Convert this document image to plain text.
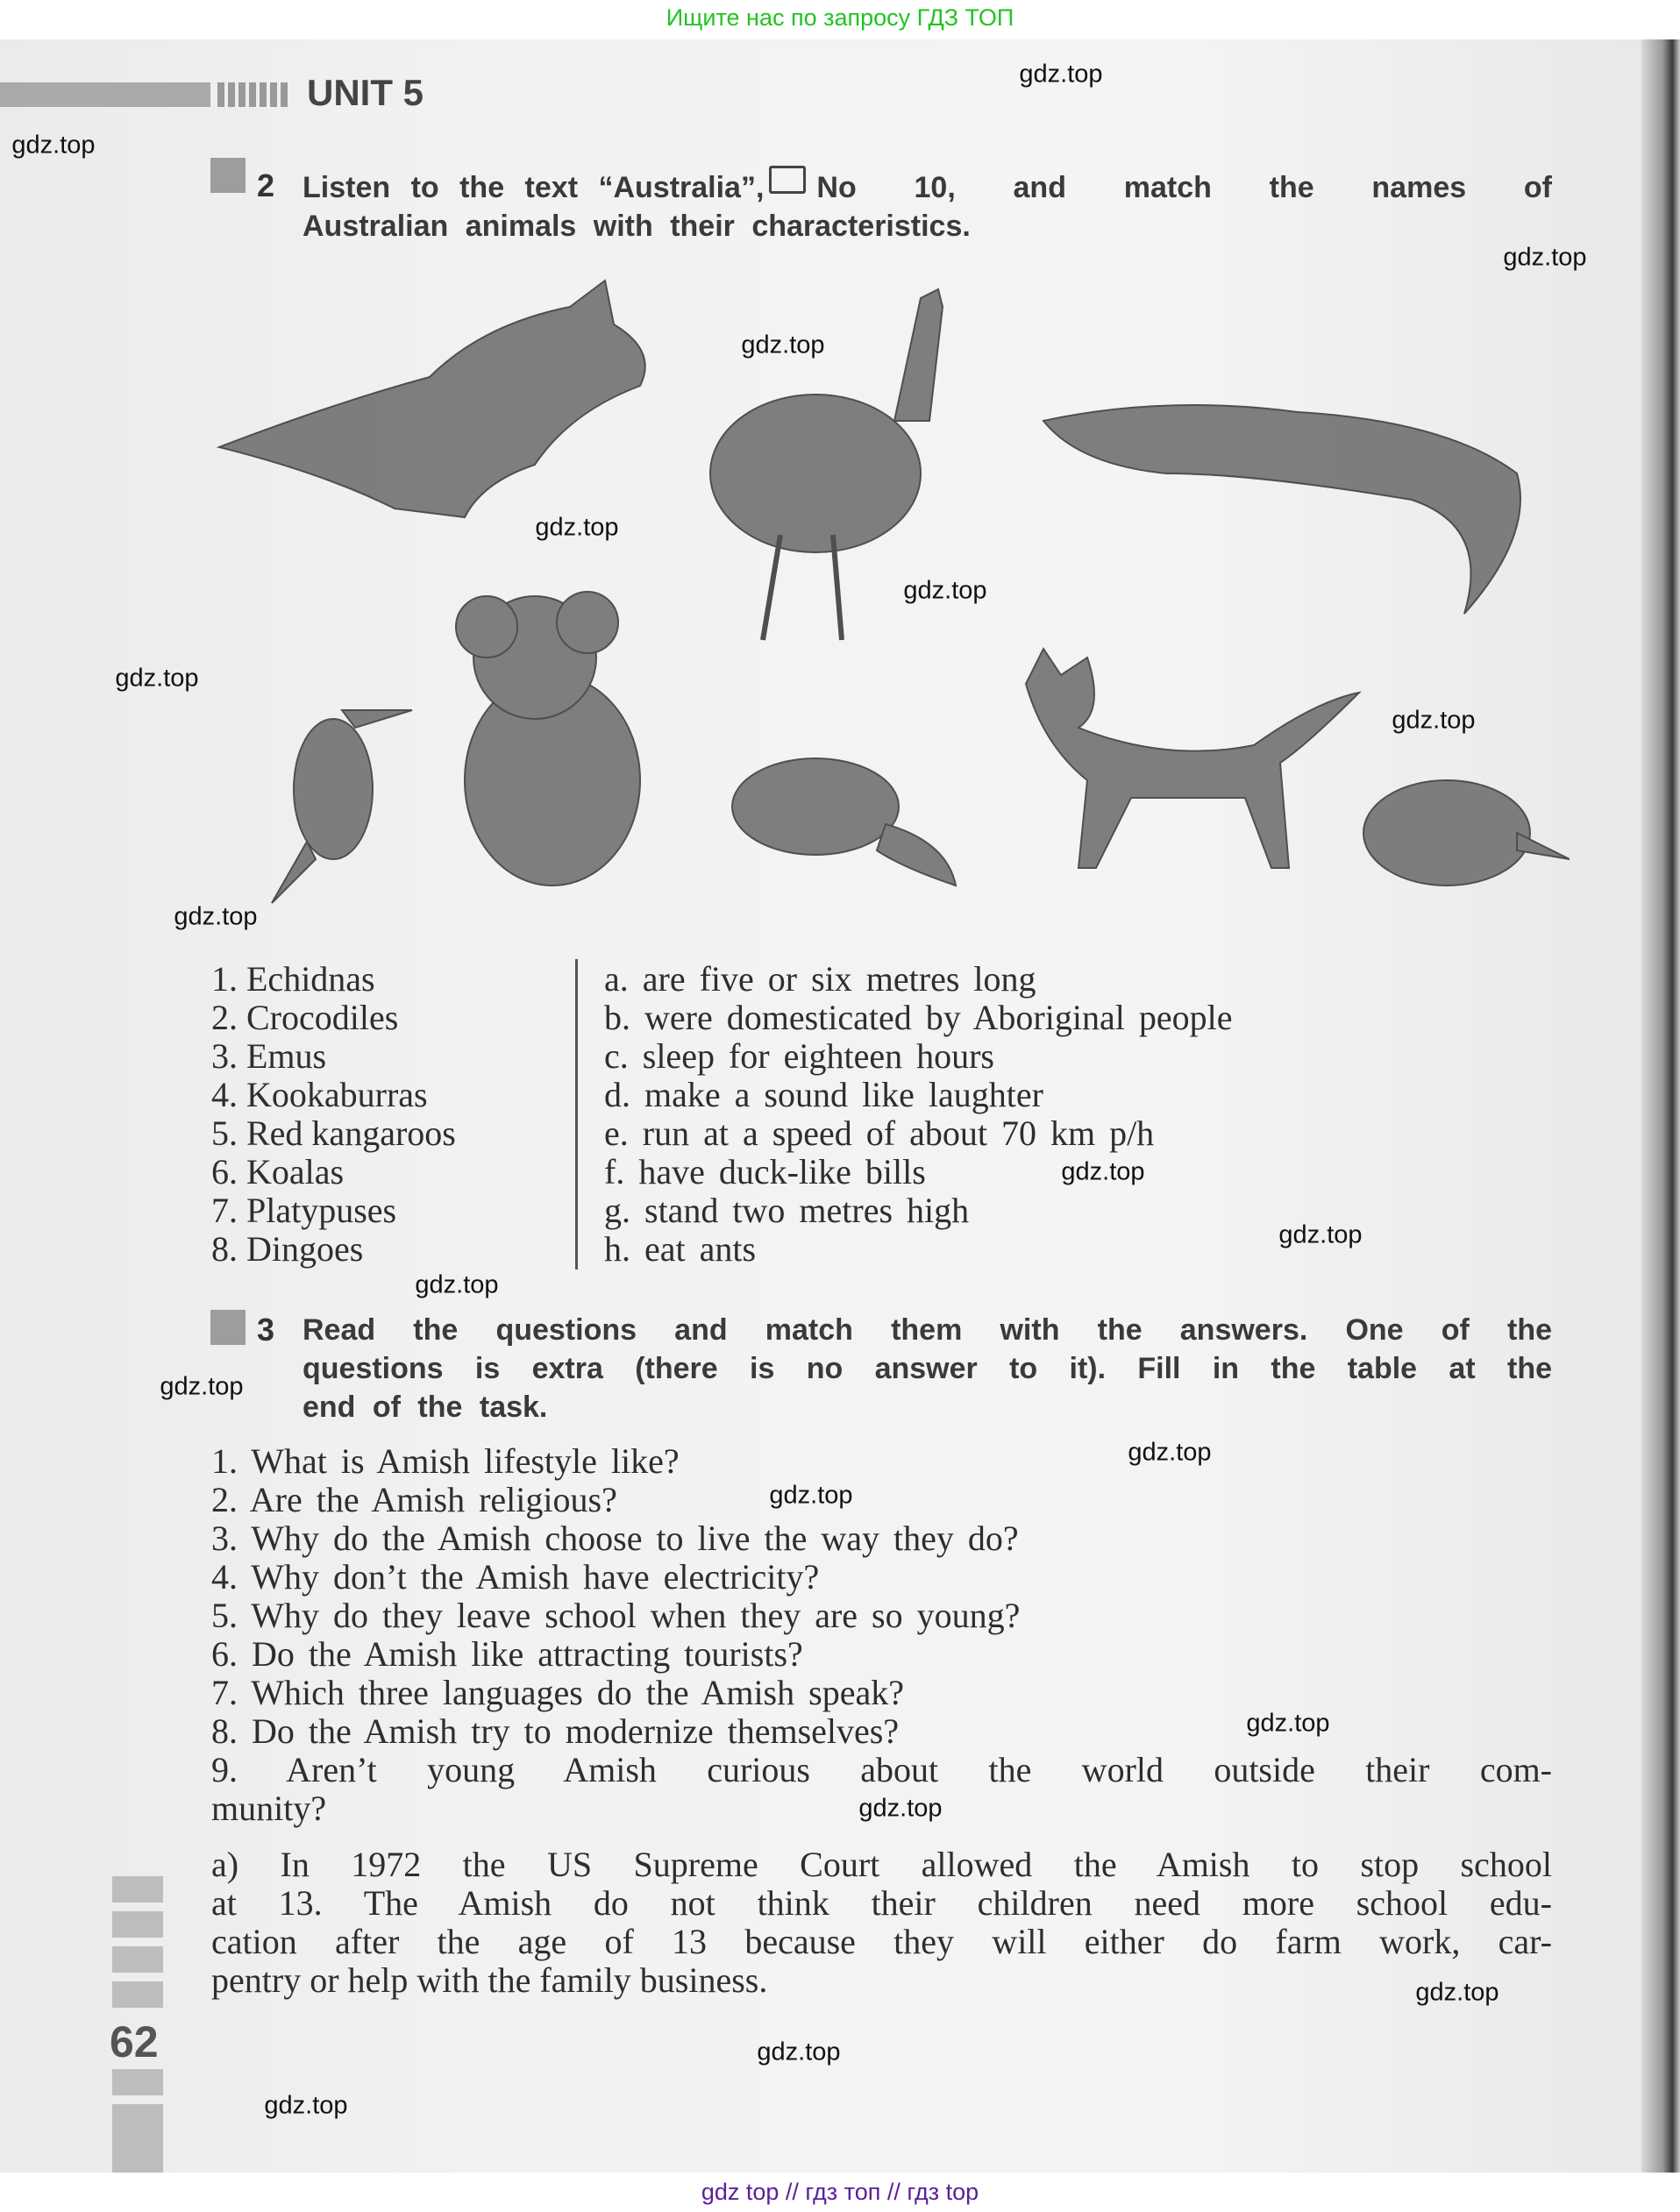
Ищите нас по запросу ГДЗ ТОП
UNIT 5
2 Listen to the text “Australia”, No 10, and match the names of
Australian animals with their characteristics.
1. Echidnas
2. Crocodiles
3. Emus
4. Kookaburras
5. Red kangaroos
6. Koalas
7. Platypuses
8. Dingoes
a. are five or six metres long
b. were domesticated by Aboriginal people
c. sleep for eighteen hours
d. make a sound like laughter
e. run at a speed of about 70 km p/h
f. have duck-like bills
g. stand two metres high
h. eat ants
3 Read the questions and match them with the answers. One of the
questions is extra (there is no answer to it). Fill in the table at the
end of the task.
1. What is Amish lifestyle like?
2. Are the Amish religious?
3. Why do the Amish choose to live the way they do?
4. Why don’t the Amish have electricity?
5. Why do they leave school when they are so young?
6. Do the Amish like attracting tourists?
7. Which three languages do the Amish speak?
8. Do the Amish try to modernize themselves?
9. Aren’t young Amish curious about the world outside their com-
munity?
a) In 1972 the US Supreme Court allowed the Amish to stop school
at 13. The Amish do not think their children need more school edu-
cation after the age of 13 because they will either do farm work, car-
pentry or help with the family business.
62
gdz.top
gdz.top
gdz.top
gdz.top
gdz.top
gdz.top
gdz.top
gdz.top
gdz.top
gdz.top
gdz.top
gdz.top
gdz.top
gdz.top
gdz.top
gdz.top
gdz.top
gdz.top
gdz.top
gdz.top
gdz top // гдз топ // гдз top
